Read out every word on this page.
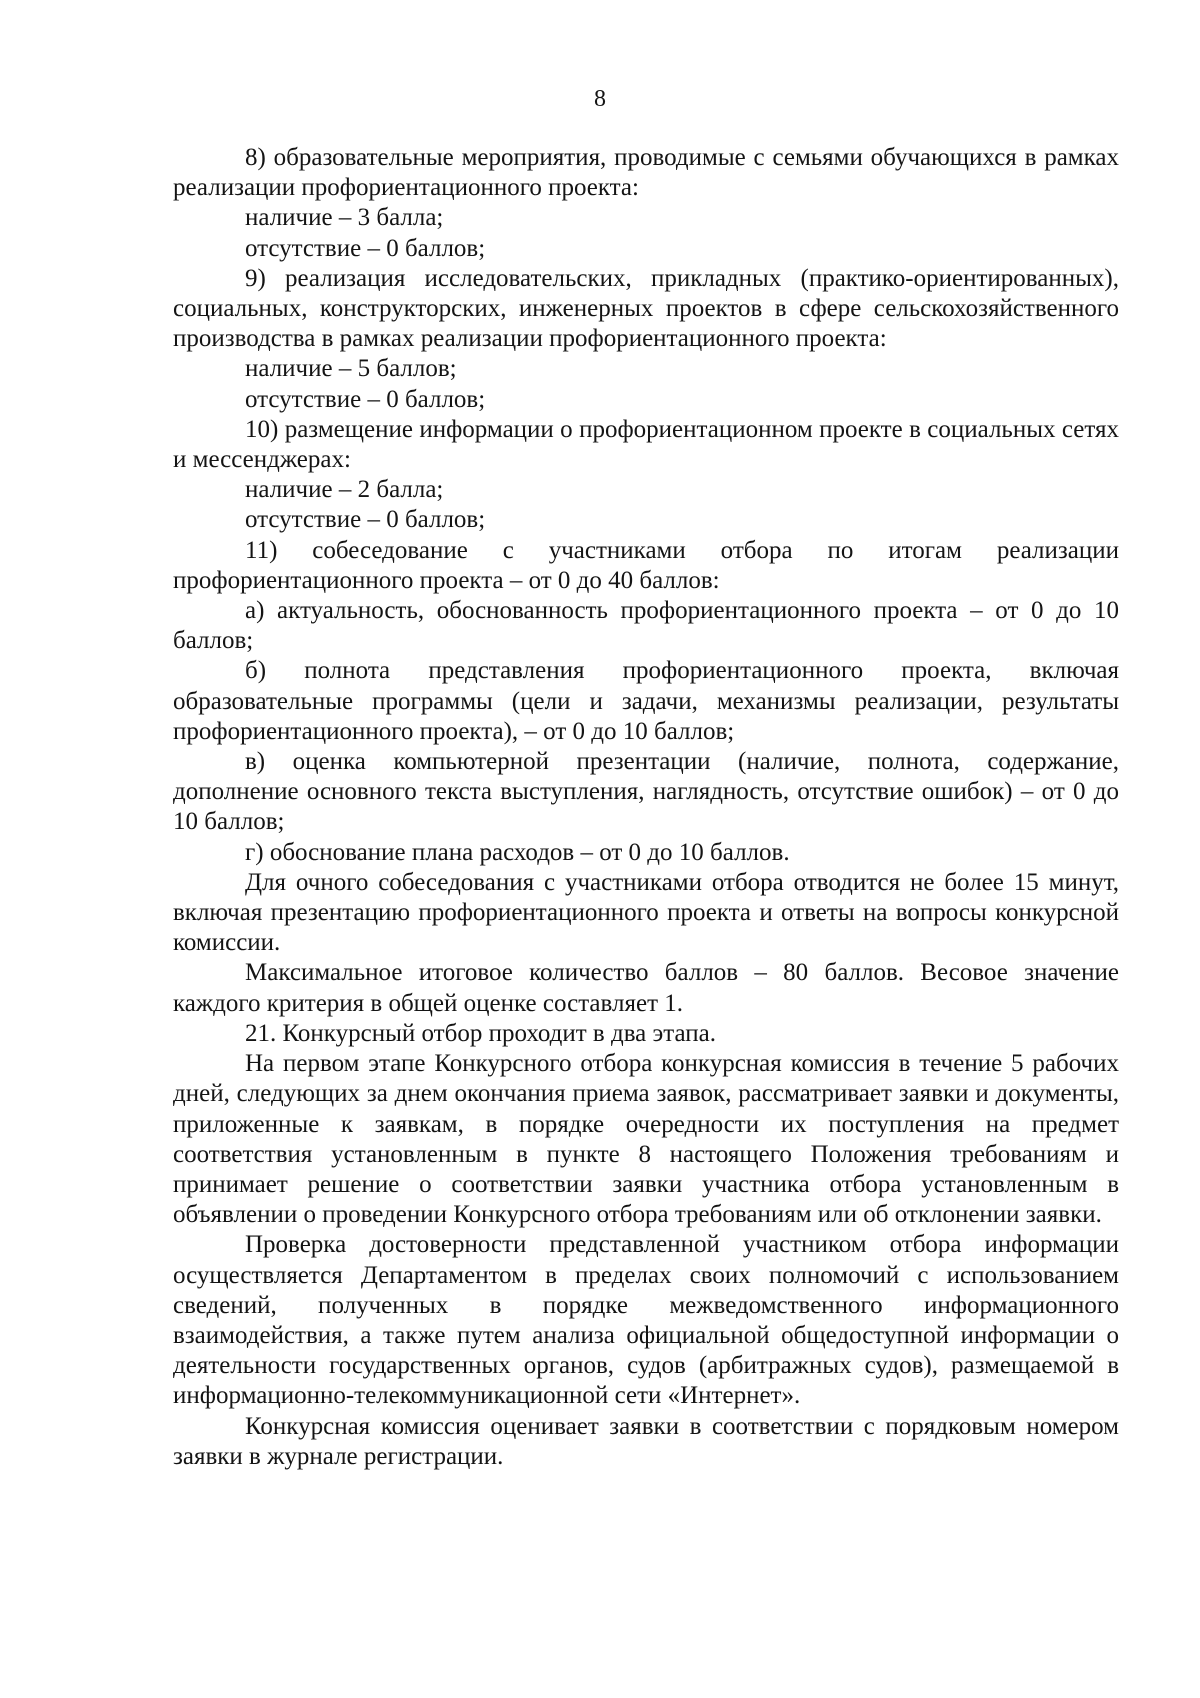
8

8) образовательные мероприятия, проводимые с семьями обучающихся в рамках реализации профориентационного проекта:

наличие – 3 балла;

отсутствие – 0 баллов;

9) реализация исследовательских, прикладных (практико-ориентированных), социальных, конструкторских, инженерных проектов в сфере сельскохозяйственного производства в рамках реализации профориентационного проекта:

наличие – 5 баллов;

отсутствие – 0 баллов;

10) размещение информации о профориентационном проекте в социальных сетях и мессенджерах:

наличие – 2 балла;

отсутствие – 0 баллов;

11) собеседование с участниками отбора по итогам реализации профориентационного проекта – от 0 до 40 баллов:

а) актуальность, обоснованность профориентационного проекта – от 0 до 10 баллов;

б) полнота представления профориентационного проекта, включая образовательные программы (цели и задачи, механизмы реализации, результаты профориентационного проекта), – от 0 до 10 баллов;

в) оценка компьютерной презентации (наличие, полнота, содержание, дополнение основного текста выступления, наглядность, отсутствие ошибок) – от 0 до 10 баллов;

г) обоснование плана расходов – от 0 до 10 баллов.

Для очного собеседования с участниками отбора отводится не более 15 минут, включая презентацию профориентационного проекта и ответы на вопросы конкурсной комиссии.

Максимальное итоговое количество баллов – 80 баллов. Весовое значение каждого критерия в общей оценке составляет 1.

21. Конкурсный отбор проходит в два этапа.

На первом этапе Конкурсного отбора конкурсная комиссия в течение 5 рабочих дней, следующих за днем окончания приема заявок, рассматривает заявки и документы, приложенные к заявкам, в порядке очередности их поступления на предмет соответствия установленным в пункте 8 настоящего Положения требованиям и принимает решение о соответствии заявки участника отбора установленным в объявлении о проведении Конкурсного отбора требованиям или об отклонении заявки.

Проверка достоверности представленной участником отбора информации осуществляется Департаментом в пределах своих полномочий с использованием сведений, полученных в порядке межведомственного информационного взаимодействия, а также путем анализа официальной общедоступной информации о деятельности государственных органов, судов (арбитражных судов), размещаемой в информационно-телекоммуникационной сети «Интернет».

Конкурсная комиссия оценивает заявки в соответствии с порядковым номером заявки в журнале регистрации.
